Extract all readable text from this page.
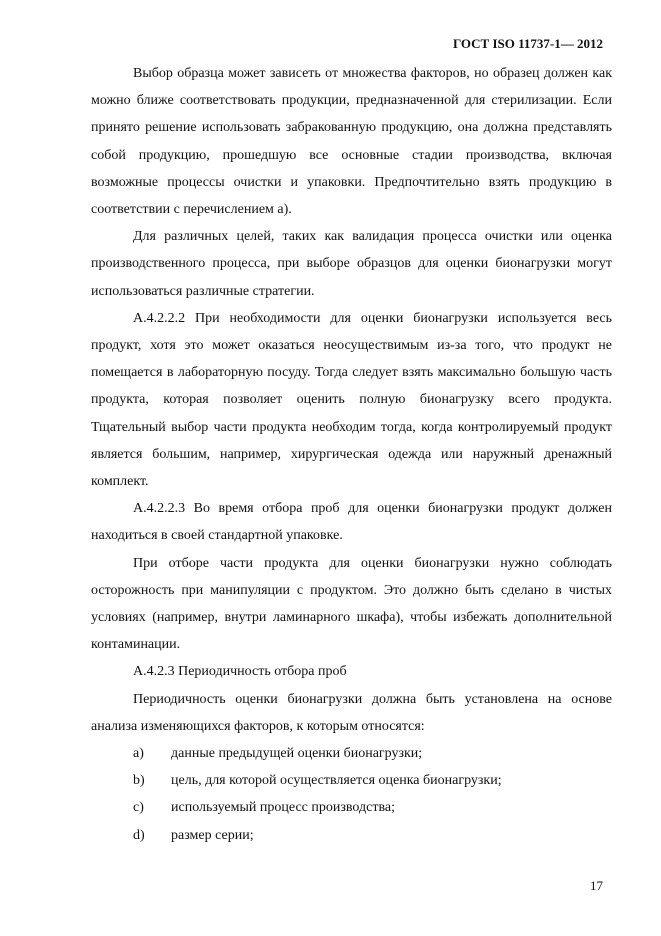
ГОСТ ISO 11737-1— 2012

Выбор образца может зависеть от множества факторов, но образец должен как можно ближе соответствовать продукции, предназначенной для стерилизации. Если принято решение использовать забракованную продукцию, она должна представлять собой продукцию, прошедшую все основные стадии производства, включая возможные процессы очистки и упаковки. Предпочтительно взять продукцию в соответствии с перечислением а).

Для различных целей, таких как валидация процесса очистки или оценка производственного процесса, при выборе образцов для оценки бионагрузки могут использоваться различные стратегии.

А.4.2.2.2 При необходимости для оценки бионагрузки используется весь продукт, хотя это может оказаться неосуществимым из-за того, что продукт не помещается в лабораторную посуду. Тогда следует взять максимально большую часть продукта, которая позволяет оценить полную бионагрузку всего продукта. Тщательный выбор части продукта необходим тогда, когда контролируемый продукт является большим, например, хирургическая одежда или наружный дренажный комплект.

А.4.2.2.3 Во время отбора проб для оценки бионагрузки продукт должен находиться в своей стандартной упаковке.

При отборе части продукта для оценки бионагрузки нужно соблюдать осторожность при манипуляции с продуктом. Это должно быть сделано в чистых условиях (например, внутри ламинарного шкафа), чтобы избежать дополнительной контаминации.

А.4.2.3 Периодичность отбора проб

Периодичность оценки бионагрузки должна быть установлена на основе анализа изменяющихся факторов, к которым относятся:

a)	данные предыдущей оценки бионагрузки;
b)	цель, для которой осуществляется оценка бионагрузки;
c)	используемый процесс производства;
d)	размер серии;
17
